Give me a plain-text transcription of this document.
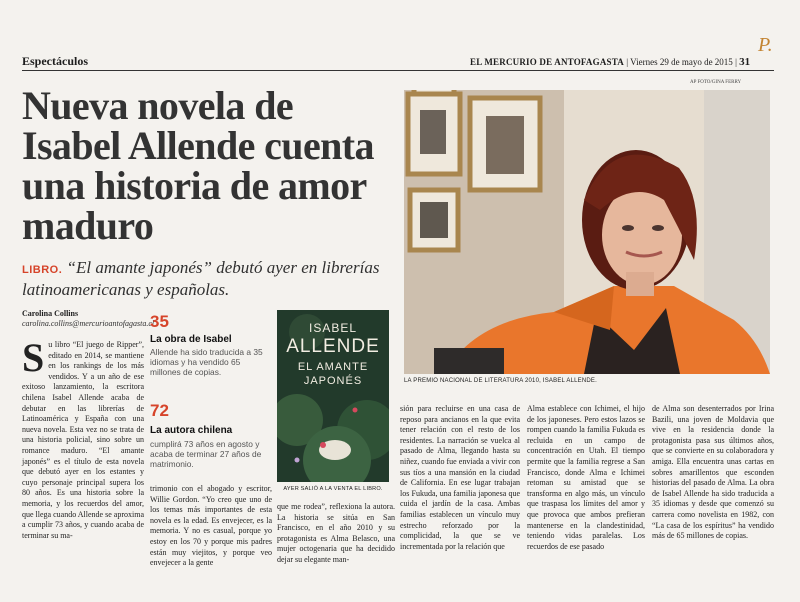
Espectáculos	EL MERCURIO DE ANTOFAGASTA | Viernes 29 de mayo de 2015 | 31
P.
Nueva novela de Isabel Allende cuenta una historia de amor maduro
LIBRO. “El amante japonés” debutó ayer en librerías latinoamericanas y españolas.
AP FOTO/GINA FERRY
LA PREMIO NACIONAL DE LITERATURA 2010, ISABEL ALLENDE.
Carolina Collins
carolina.collins@mercurioantofagasta.cl
S u libro “El juego de Ripper”, editado en 2014, se mantiene en los rankings de los más vendidos. Y a un año de ese exitoso lanzamiento, la escritora chilena Isabel Allende acaba de debutar en las librerías de Latinoamérica y España con una nueva novela. Esta vez no se trata de una historia policial, sino sobre un romance maduro. “El amante japonés” es el título de esta novela que debutó ayer en los estantes y cuyo personaje principal supera los 80 años. Es una historia sobre la memoria, y los recuerdos del amor, que llega cuando Allende se aproxima a cumplir 73 años, y cuando acaba de terminar su ma-
35
La obra de Isabel
Allende ha sido traducida a 35 idiomas y ha vendido 65 millones de copias.
72
La autora chilena
cumplirá 73 años en agosto y acaba de terminar 27 años de matrimonio.
trimonio con el abogado y escritor, Willie Gordon. “Yo creo que uno de los temas más importantes de esta novela es la edad. Es envejecer, es la memoria. Y no es casual, porque yo estoy en los 70 y porque mis padres están muy viejitos, y porque veo envejecer a la gente
ISABEL
ALLENDE
EL AMANTE
JAPONÉS
AYER SALIÓ A LA VENTA EL LIBRO.
que me rodea”, reflexiona la autora. La historia se sitúa en San Francisco, en el año 2010 y su protagonista es Alma Belasco, una mujer octogenaria que ha decidido dejar su elegante man-
sión para recluirse en una casa de reposo para ancianos en la que evita tener relación con el resto de los residentes. La narración se vuelca al pasado de Alma, llegando hasta su niñez, cuando fue enviada a vivir con sus tíos a una mansión en la ciudad de California. En ese lugar trabajan los Fukuda, una familia japonesa que cuida el jardín de la casa. Ambas familias establecen un vínculo muy estrecho reforzado por la complicidad, la que se ve incrementada por la relación que
Alma establece con Ichimei, el hijo de los japoneses. Pero estos lazos se rompen cuando la familia Fukuda es recluida en un campo de concentración en Utah. El tiempo permite que la familia regrese a San Francisco, donde Alma e Ichimei retoman su amistad que se transforma en algo más, un vínculo que traspasa los límites del amor y que provoca que ambos prefieran mantenerse en la clandestinidad, teniendo vidas paralelas. Los recuerdos de ese pasado
de Alma son desenterrados por Irina Bazili, una joven de Moldavia que vive en la residencia donde la protagonista pasa sus últimos años, que se convierte en su colaboradora y amiga. Ella encuentra unas cartas en sobres amarillentos que esconden historias del pasado de Alma. La obra de Isabel Allende ha sido traducida a 35 idiomas y desde que comenzó su carrera como novelista en 1982, con “La casa de los espíritus” ha vendido más de 65 millones de copias.
